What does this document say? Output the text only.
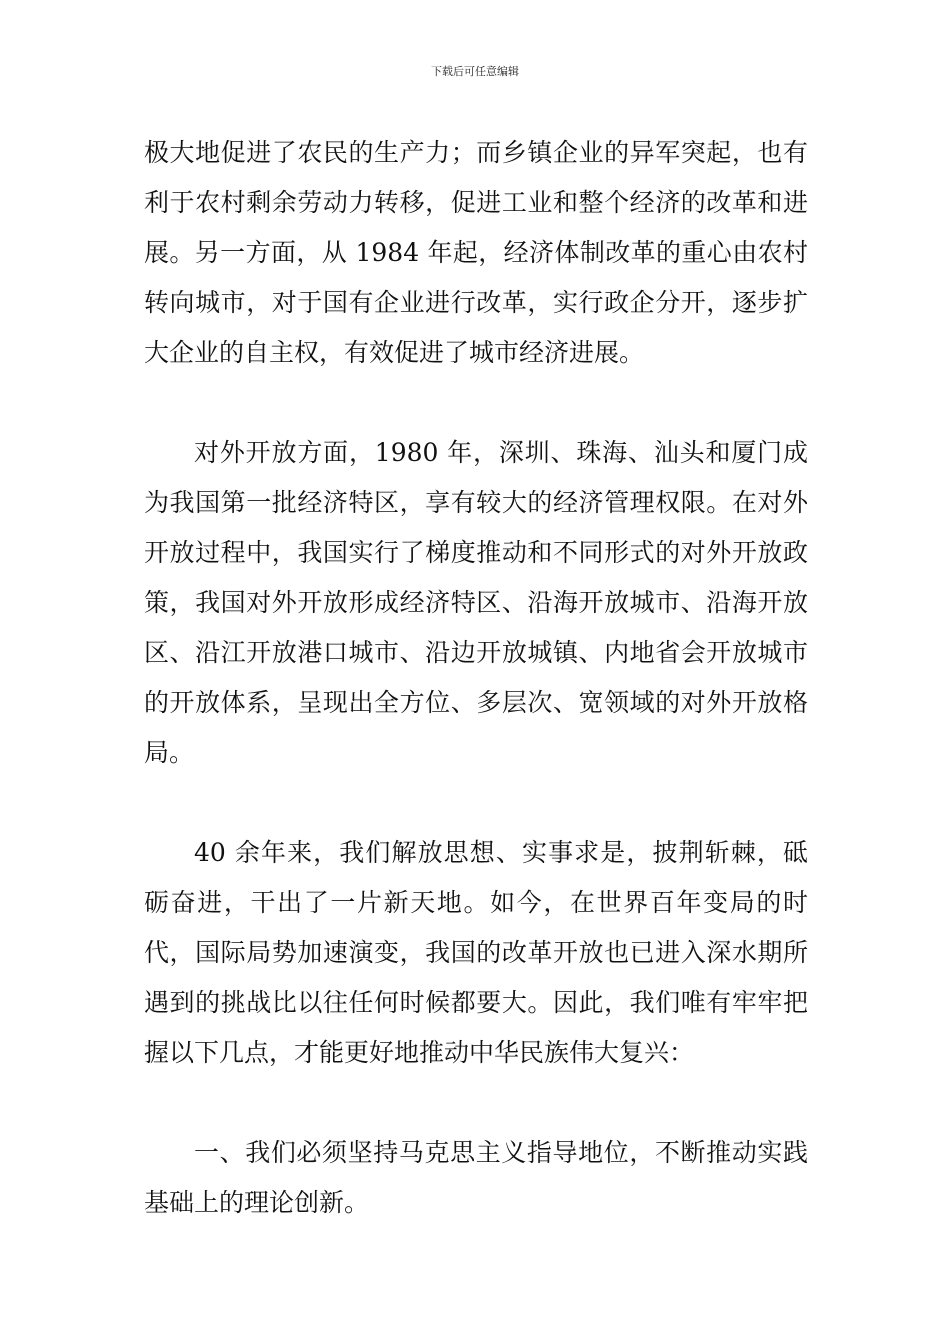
下载后可任意编辑

极大地促进了农民的生产力；而乡镇企业的异军突起，也有利于农村剩余劳动力转移，促进工业和整个经济的改革和进展。另一方面，从 1984 年起，经济体制改革的重心由农村转向城市，对于国有企业进行改革，实行政企分开，逐步扩大企业的自主权，有效促进了城市经济进展。

对外开放方面，1980 年，深圳、珠海、汕头和厦门成为我国第一批经济特区，享有较大的经济管理权限。在对外开放过程中，我国实行了梯度推动和不同形式的对外开放政策，我国对外开放形成经济特区、沿海开放城市、沿海开放区、沿江开放港口城市、沿边开放城镇、内地省会开放城市的开放体系，呈现出全方位、多层次、宽领域的对外开放格局。

40 余年来，我们解放思想、实事求是，披荆斩棘，砥砺奋进，干出了一片新天地。如今，在世界百年变局的时代，国际局势加速演变，我国的改革开放也已进入深水期所遇到的挑战比以往任何时候都要大。因此，我们唯有牢牢把握以下几点，才能更好地推动中华民族伟大复兴：

一、我们必须坚持马克思主义指导地位，不断推动实践基础上的理论创新。
